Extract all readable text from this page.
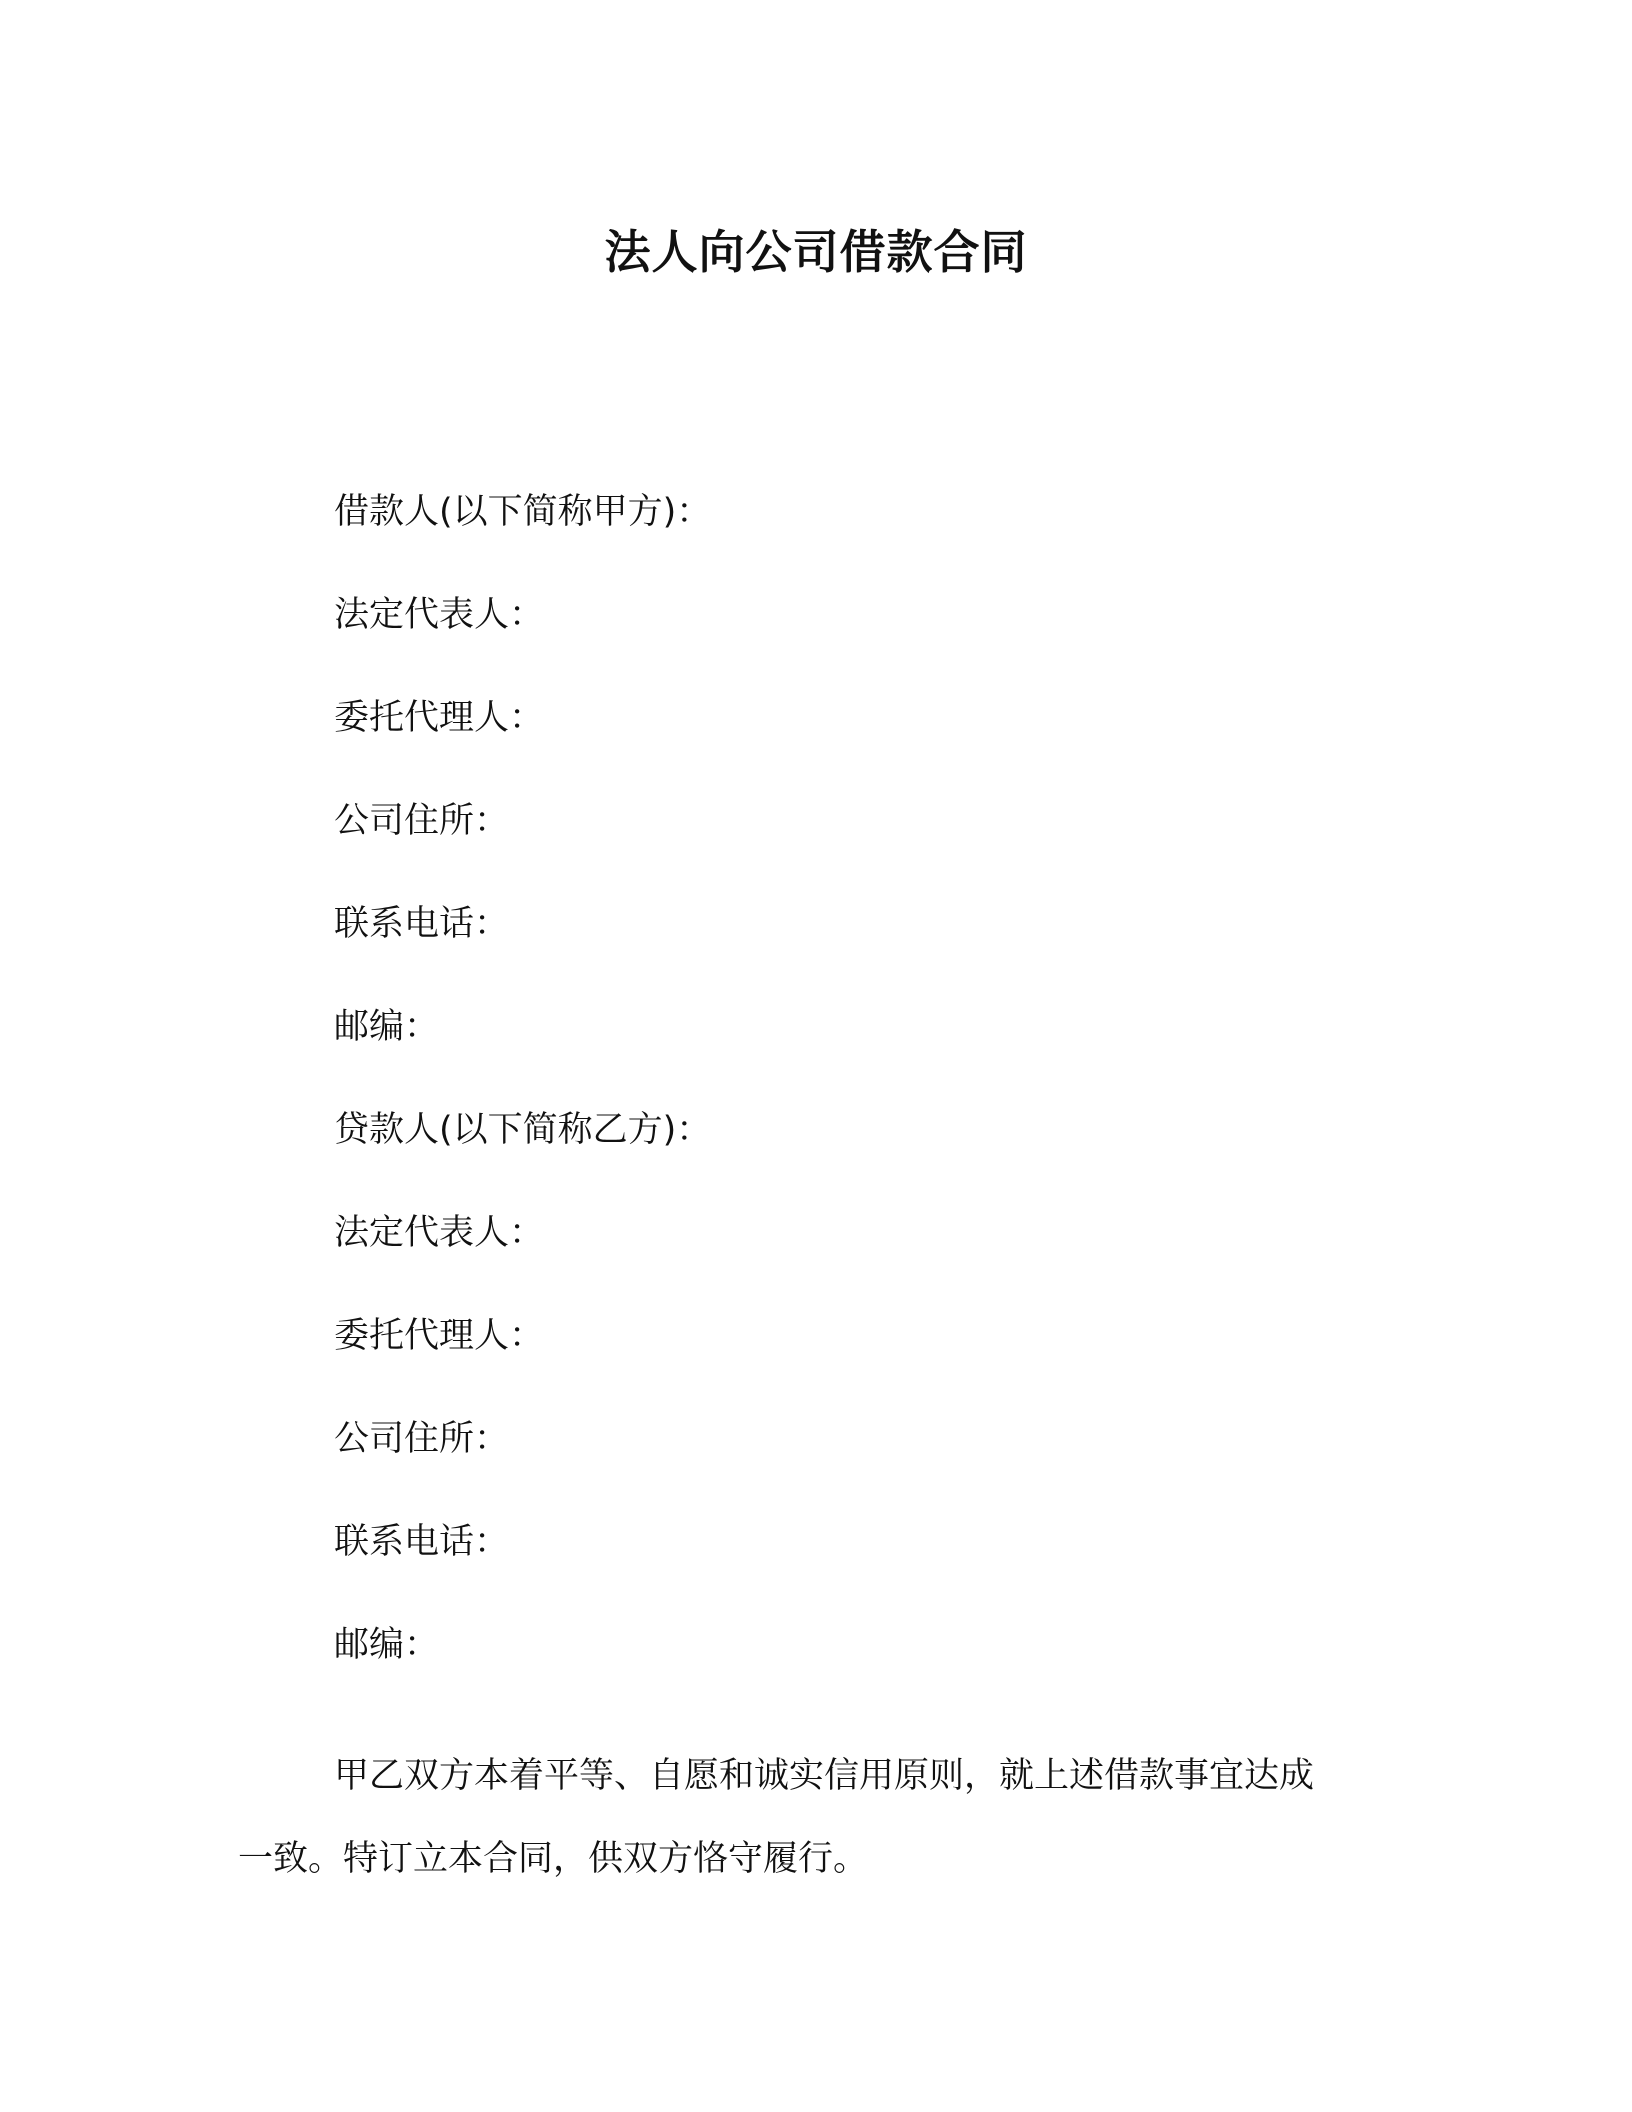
法人向公司借款合同
借款人(以下简称甲方)：
法定代表人：
委托代理人：
公司住所：
联系电话：
邮编：
贷款人(以下简称乙方)：
法定代表人：
委托代理人：
公司住所：
联系电话：
邮编：
甲乙双方本着平等、自愿和诚实信用原则，就上述借款事宜达成
一致。特订立本合同，供双方恪守履行。
